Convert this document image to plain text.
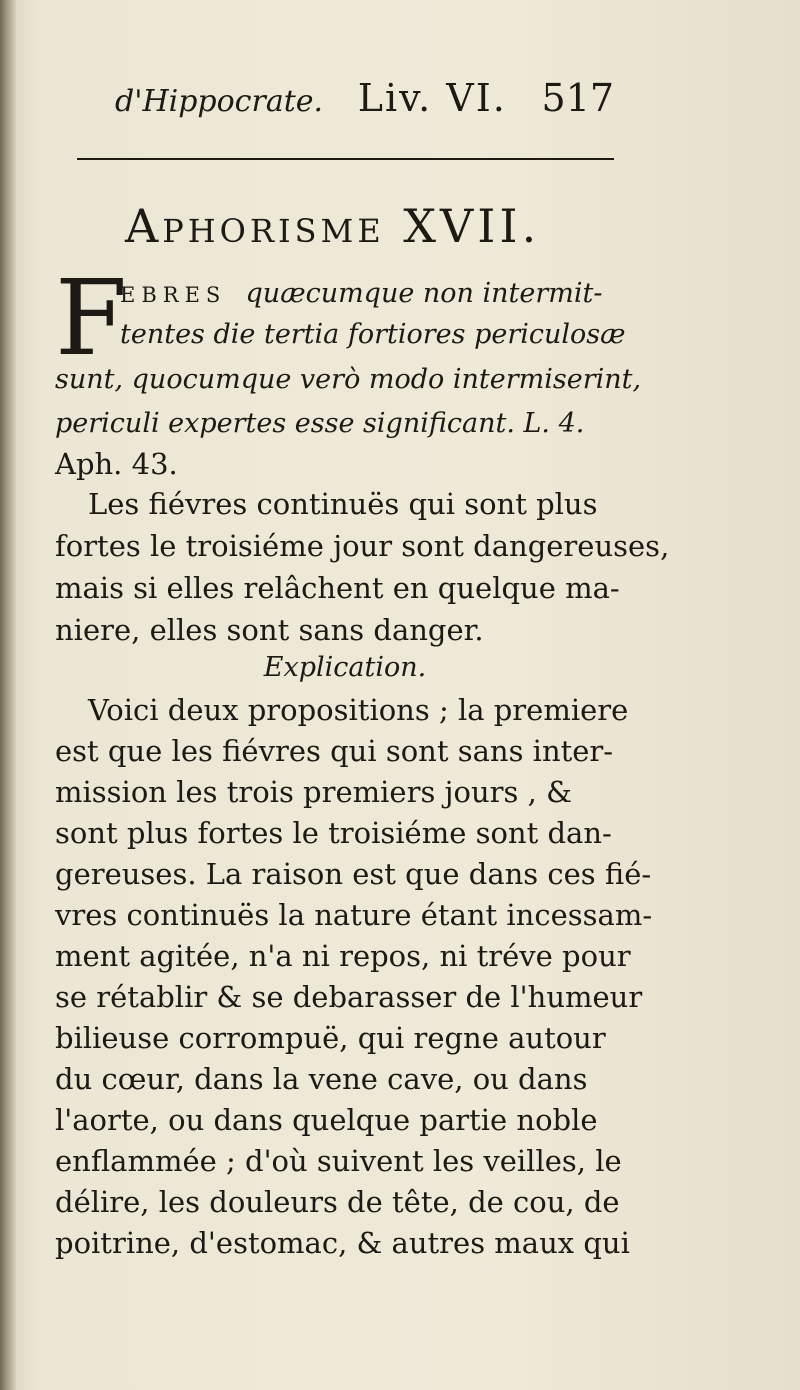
d'Hippocrate. Liv. VI. 517
Aphorisme XVII.
F
ebres quæcumque non intermit-
tentes die tertia fortiores periculosæ
sunt, quocumque verò modo intermiserint,
periculi expertes esse significant. L. 4.
Aph. 43.
Les fiévres continuës qui sont plus
fortes le troisiéme jour sont dangereuses,
mais si elles relâchent en quelque ma-
niere, elles sont sans danger.
Explication.
Voici deux propositions ; la premiere
est que les fiévres qui sont sans inter-
mission les trois premiers jours , &
sont plus fortes le troisiéme sont dan-
gereuses. La raison est que dans ces fié-
vres continuës la nature étant incessam-
ment agitée, n'a ni repos, ni tréve pour
se rétablir & se debarasser de l'humeur
bilieuse corrompuë, qui regne autour
du cœur, dans la vene cave, ou dans
l'aorte, ou dans quelque partie noble
enflammée ; d'où suivent les veilles, le
délire, les douleurs de tête, de cou, de
poitrine, d'estomac, & autres maux qui
